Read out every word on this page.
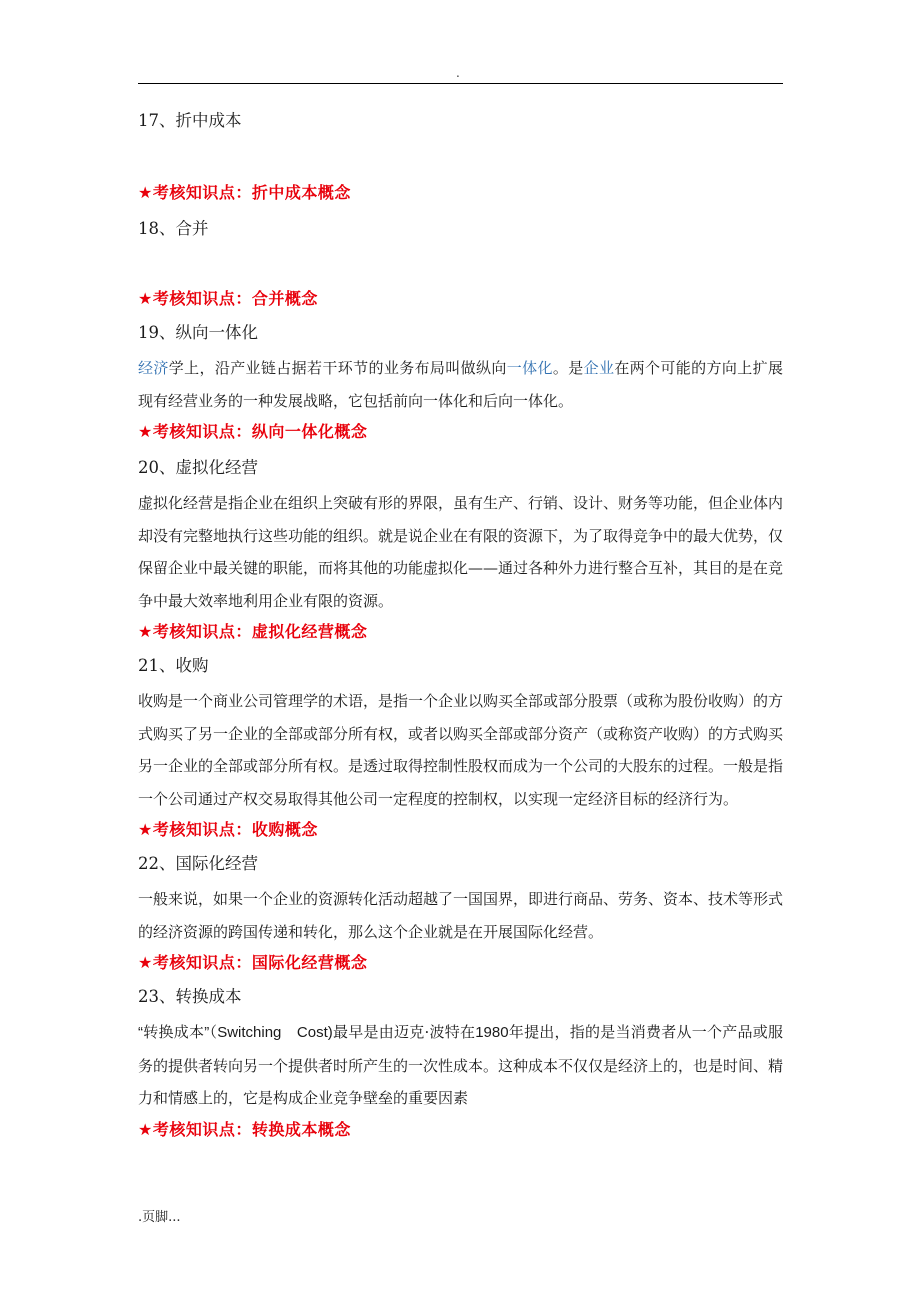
.
17、折中成本
★考核知识点：折中成本概念
18、合并
★考核知识点：合并概念
19、纵向一体化
经济学上，沿产业链占据若干环节的业务布局叫做纵向一体化。是企业在两个可能的方向上扩展现有经营业务的一种发展战略，它包括前向一体化和后向一体化。
★考核知识点：纵向一体化概念
20、虚拟化经营
虚拟化经营是指企业在组织上突破有形的界限，虽有生产、行销、设计、财务等功能，但企业体内却没有完整地执行这些功能的组织。就是说企业在有限的资源下，为了取得竞争中的最大优势，仅保留企业中最关键的职能，而将其他的功能虚拟化——通过各种外力进行整合互补，其目的是在竞争中最大效率地利用企业有限的资源。
★考核知识点：虚拟化经营概念
21、收购
收购是一个商业公司管理学的术语，是指一个企业以购买全部或部分股票（或称为股份收购）的方式购买了另一企业的全部或部分所有权，或者以购买全部或部分资产（或称资产收购）的方式购买另一企业的全部或部分所有权。是透过取得控制性股权而成为一个公司的大股东的过程。一般是指一个公司通过产权交易取得其他公司一定程度的控制权，以实现一定经济目标的经济行为。
★考核知识点：收购概念
22、国际化经营
一般来说，如果一个企业的资源转化活动超越了一国国界，即进行商品、劳务、资本、技术等形式的经济资源的跨国传递和转化，那么这个企业就是在开展国际化经营。
★考核知识点：国际化经营概念
23、转换成本
“转换成本”（Switching　Cost)最早是由迈克·波特在1980年提出，指的是当消费者从一个产品或服务的提供者转向另一个提供者时所产生的一次性成本。这种成本不仅仅是经济上的，也是时间、精力和情感上的，它是构成企业竞争壁垒的重要因素
★考核知识点：转换成本概念
.页脚...
